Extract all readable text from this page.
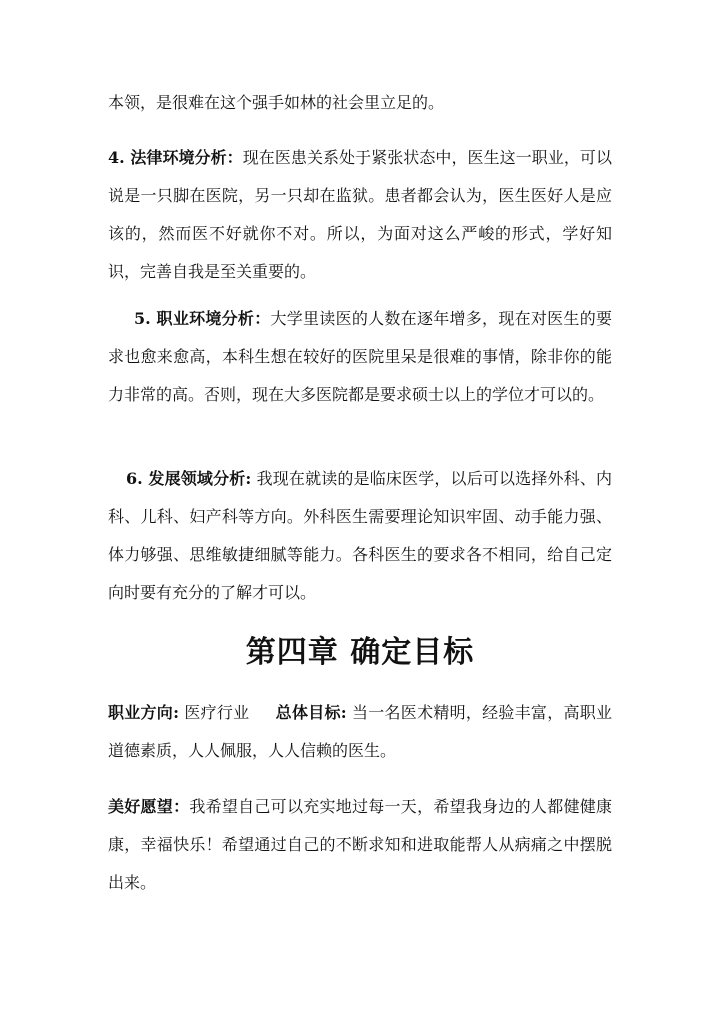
本领，是很难在这个强手如林的社会里立足的。

4. 法律环境分析：现在医患关系处于紧张状态中，医生这一职业，可以说是一只脚在医院，另一只却在监狱。患者都会认为，医生医好人是应该的，然而医不好就你不对。所以，为面对这么严峻的形式，学好知识，完善自我是至关重要的。

5. 职业环境分析：大学里读医的人数在逐年增多，现在对医生的要求也愈来愈高，本科生想在较好的医院里呆是很难的事情，除非你的能力非常的高。否则，现在大多医院都是要求硕士以上的学位才可以的。

6. 发展领域分析: 我现在就读的是临床医学，以后可以选择外科、内科、儿科、妇产科等方向。外科医生需要理论知识牢固、动手能力强、体力够强、思维敏捷细腻等能力。各科医生的要求各不相同，给自己定向时要有充分的了解才可以。

第四章 确定目标

职业方向: 医疗行业 总体目标: 当一名医术精明，经验丰富，高职业道德素质，人人佩服，人人信赖的医生。

美好愿望：我希望自己可以充实地过每一天，希望我身边的人都健健康康，幸福快乐！希望通过自己的不断求知和进取能帮人从病痛之中摆脱出来。
